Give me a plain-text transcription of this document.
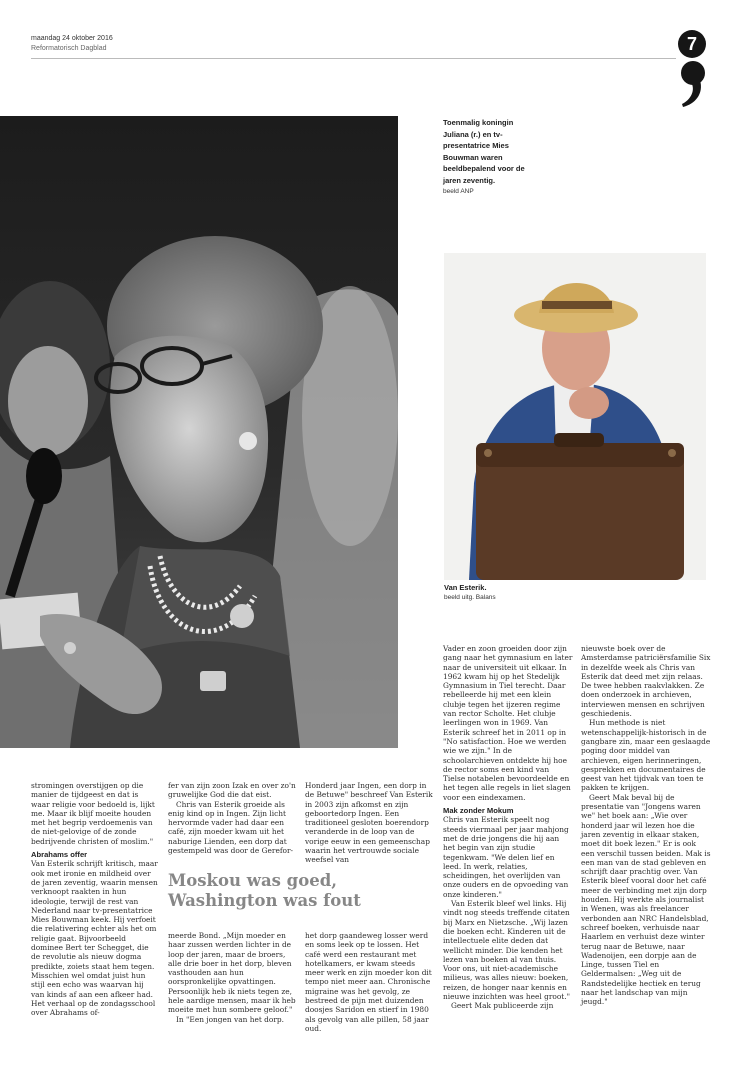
maandag 24 oktober 2016
Reformatorisch Dagblad	7
Toenmalig koningin Juliana (r.) en tv-presentatrice Mies Bouwman waren beeldbepalend voor de jaren zeventig.
beeld ANP
Van Esterik.
beeld uitg. Balans

stromingen overstijgen op die manier de tijdgeest en dat is waar religie voor bedoeld is, lijkt me. Maar ik blijf moeite houden met het begrip verdoemenis van de niet-gelovige of de zonde bedrijvende christen of moslim."

Abrahams offer

Van Esterik schrijft kritisch, maar ook met ironie en mildheid over de jaren zeventig, waarin mensen verknoopt raakten in hun ideologie, terwijl de rest van Nederland naar tv-presentatrice Mies Bouwman keek. Hij verfoeit die relativering echter als het om religie gaat. Bijvoorbeeld dominee Bert ter Schegget, die de revolutie als nieuw dogma predikte, zoiets staat hem tegen. Misschien wel omdat juist hun stijl een echo was waarvan hij van kinds af aan een afkeer had. Het verhaal op de zondagsschool over Abrahams of-

fer van zijn zoon Izak en over zo'n gruwelijke God die dat eist.

Chris van Esterik groeide als enig kind op in Ingen. Zijn licht hervormde vader had daar een café, zijn moeder kwam uit het naburige Lienden, een dorp dat gestempeld was door de Gerefor-

Moskou was goed, Washington was fout

meerde Bond. „Mijn moeder en haar zussen werden lichter in de loop der jaren, maar de broers, alle drie boer in het dorp, bleven vasthouden aan hun oorspronkelijke opvattingen. Persoonlijk heb ik niets tegen ze, hele aardige mensen, maar ik heb moeite met hun sombere geloof."

In "Een jongen van het dorp.

Honderd jaar Ingen, een dorp in de Betuwe" beschreef Van Esterik in 2003 zijn afkomst en zijn geboortedorp Ingen. Een traditioneel gesloten boerendorp veranderde in de loop van de vorige eeuw in een gemeenschap waarin het vertrouwde sociale weefsel van

het dorp gaandeweg losser werd en soms leek op te lossen. Het café werd een restaurant met hotelkamers, er kwam steeds meer werk en zijn moeder kon dit tempo niet meer aan. Chronische migraine was het gevolg, ze bestreed de pijn met duizenden doosjes Saridon en stierf in 1980 als gevolg van alle pillen, 58 jaar oud.

Vader en zoon groeiden door zijn gang naar het gymnasium en later naar de universiteit uit elkaar. In 1962 kwam hij op het Stedelijk Gymnasium in Tiel terecht. Daar rebelleerde hij met een klein clubje tegen het ijzeren regime van rector Scholte. Het clubje leerlingen won in 1969. Van Esterik schreef het in 2011 op in "No satisfaction. Hoe we werden wie we zijn." In de schoolarchieven ontdekte hij hoe de rector soms een kind van Tielse notabelen bevoordeelde en het tegen alle regels in liet slagen voor een eindexamen.

Mak zonder Mokum

Chris van Esterik speelt nog steeds viermaal per jaar mahjong met de drie jongens die hij aan het begin van zijn studie tegenkwam. "We delen lief en leed. In werk, relaties, scheidingen, het overlijden van onze ouders en de opvoeding van onze kinderen."

Van Esterik bleef wel links. Hij vindt nog steeds treffende citaten bij Marx en Nietzsche. „Wij lazen die boeken echt. Kinderen uit de intellectuele elite deden dat wellicht minder. Die kenden het lezen van boeken al van thuis. Voor ons, uit niet-academische milieus, was alles nieuw: boeken, reizen, de honger naar kennis en nieuwe inzichten was heel groot."

Geert Mak publiceerde zijn

nieuwste boek over de Amsterdamse patriciërsfamilie Six in dezelfde week als Chris van Esterik dat deed met zijn relaas. De twee hebben raakvlakken. Ze doen onderzoek in archieven, interviewen mensen en schrijven geschiedenis.

Hun methode is niet wetenschappelijk-historisch in de gangbare zin, maar een geslaagde poging door middel van archieven, eigen herinneringen, gesprekken en documentaires de geest van het tijdvak van toen te pakken te krijgen.

Geert Mak beval bij de presentatie van "Jongens waren we" het boek aan: „Wie over honderd jaar wil lezen hoe die jaren zeventig in elkaar staken, moet dit boek lezen." Er is ook een verschil tussen beiden. Mak is een man van de stad gebleven en schrijft daar prachtig over. Van Esterik bleef vooral door het café meer de verbinding met zijn dorp houden. Hij werkte als journalist in Wenen, was als freelancer verbonden aan NRC Handelsblad, schreef boeken, verhuisde naar Haarlem en verhuist deze winter terug naar de Betuwe, naar Wadenoijen, een dorpje aan de Linge, tussen Tiel en Geldermalsen: „Weg uit de Randstedelijke hectiek en terug naar het landschap van mijn jeugd."
